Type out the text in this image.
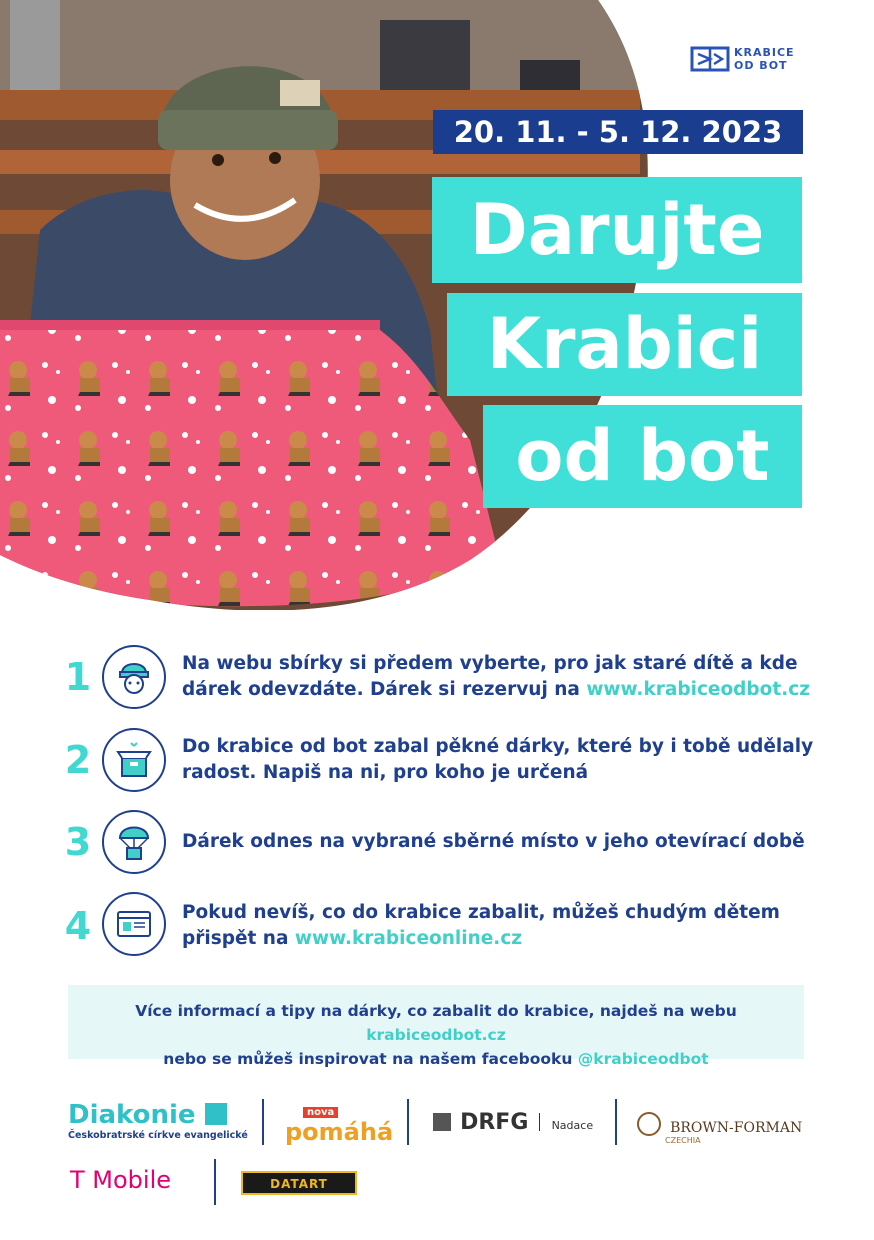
KRABICE
OD BOT
20. 11. - 5. 12. 2023
Darujte
Krabici
od bot
1	Na webu sbírky si předem vyberte, pro jak staré dítě a kde
dárek odevzdáte. Dárek si rezervuj na www.krabiceodbot.cz
2	Do krabice od bot zabal pěkné dárky, které by i tobě udělaly
radost. Napiš na ni, pro koho je určená
3	Dárek odnes na vybrané sběrné místo v jeho otevírací době
4	Pokud nevíš, co do krabice zabalit, můžeš chudým dětem
přispět na www.krabiceonline.cz
Více informací a tipy na dárky, co zabalit do krabice, najdeš na webu krabiceodbot.cz
nebo se můžeš inspirovat na našem facebooku @krabiceodbot
Diakonie
Českobratrské církve evangelické
nova
pomáhá	DRFG Nadace	BROWN-FORMAN
CZECHIA
T Mobile	DATART
